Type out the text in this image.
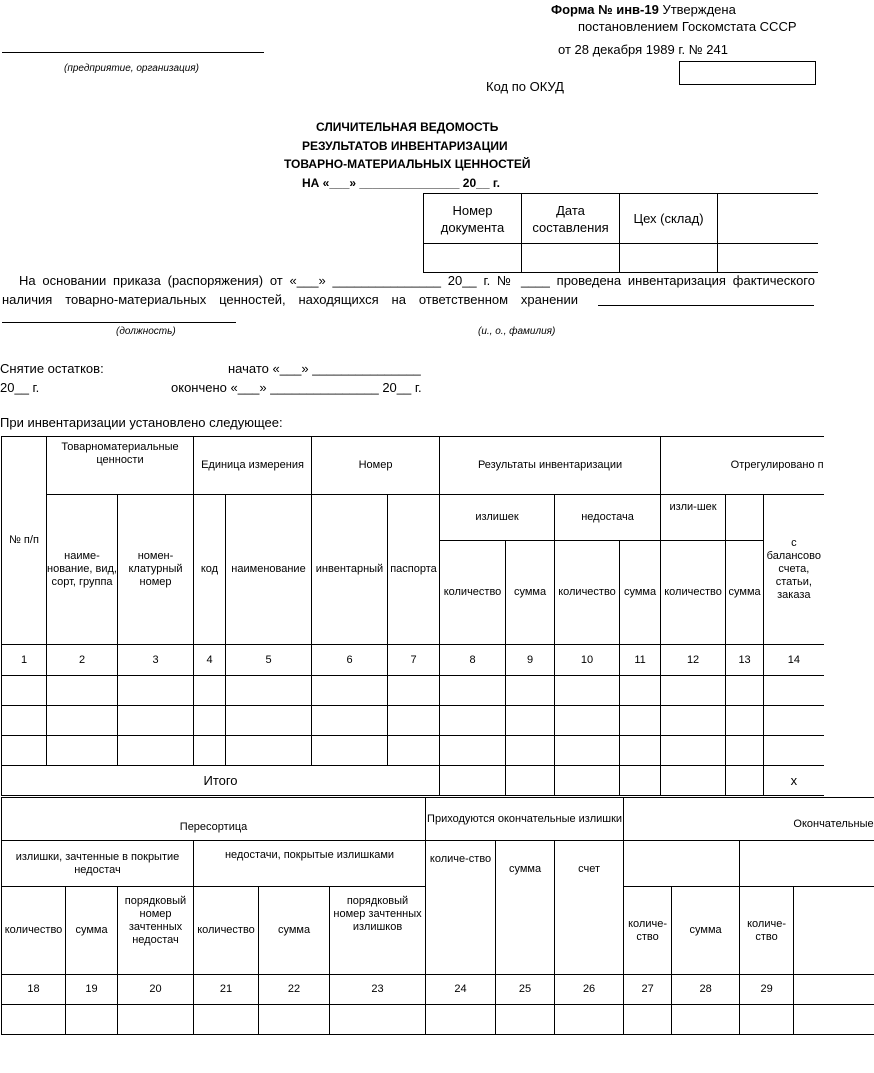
Форма № инв-19 Утверждена
постановлением Госкомстата СССР
от 28 декабря 1989 г. № 241
(предприятие, организация)
Код по ОКУД
СЛИЧИТЕЛЬНАЯ ВЕДОМОСТЬ
РЕЗУЛЬТАТОВ ИНВЕНТАРИЗАЦИИ
ТОВАРНО-МАТЕРИАЛЬНЫХ ЦЕННОСТЕЙ
НА «___» _______________ 20__ г.
Номер документа	Дата составления	Цех (склад)	

На основании приказа (распоряжения) от «___» _______________ 20__ г. № ____ проведена инвентаризация фактического
наличия товарно-материальных ценностей, находящихся на ответственном хранении
(должность)	(и., о., фамилия)
Снятие остатков:	начато «___» _______________
20__ г.	окончено «___» _______________ 20__ г.
При инвентаризации установлено следующее:
№ п/п	Товарноматериальные ценности		Единица измерения		Номер		Результаты инвентаризации				Отрегулировано п		
	наиме-нование, вид, сорт, группа	номен-клатурный номер	код	наименование	инвентарный	паспорта	излишек		недостача		изли-шек		с балансово счета, статьи, заказа
							количество	сумма	количество	сумма	количество	сумма	
1	2	3	4	5	6	7	8	9	10	11	12	13	14

Итого													х
Пересортица						Приходуются окончательные излишки			Окончательные			
излишки, зачтенные в покрытие недостач			недостачи, покрытые излишками			количе-ство	сумма	счет				
количество	сумма	порядковый номер зачтенных недостач	количество	сумма	порядковый номер зачтенных излишков				количе-ство	сумма	количе-ство	
18	19	20	21	22	23	24	25	26	27	28	29	
